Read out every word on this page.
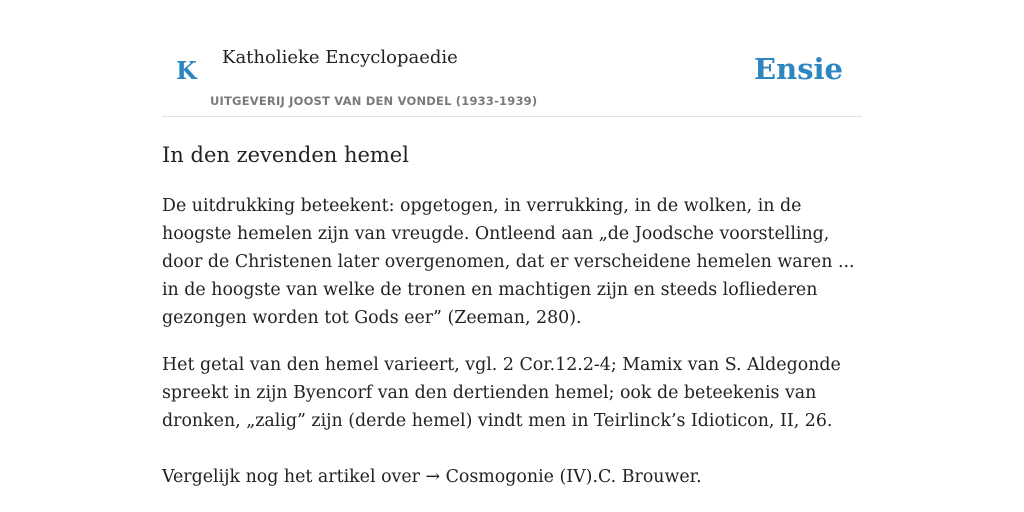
K Katholieke Encyclopaedie
UITGEVERIJ JOOST VAN DEN VONDEL (1933-1939)
Ensie
In den zevenden hemel

De uitdrukking beteekent: opgetogen, in verrukking, in de wolken, in de hoogste hemelen zijn van vreugde. Ontleend aan „de Joodsche voorstelling, door de Christenen later overgenomen, dat er verscheidene hemelen waren ... in de hoogste van welke de tronen en machtigen zijn en steeds lofliederen gezongen worden tot Gods eer” (Zeeman, 280).

Het getal van den hemel varieert, vgl. 2 Cor.12.2-4; Mamix van S. Aldegonde spreekt in zijn Byencorf van den dertienden hemel; ook de beteekenis van dronken, „zalig” zijn (derde hemel) vindt men in Teirlinck’s Idioticon, II, 26.

Vergelijk nog het artikel over → Cosmogonie (IV).C. Brouwer.
